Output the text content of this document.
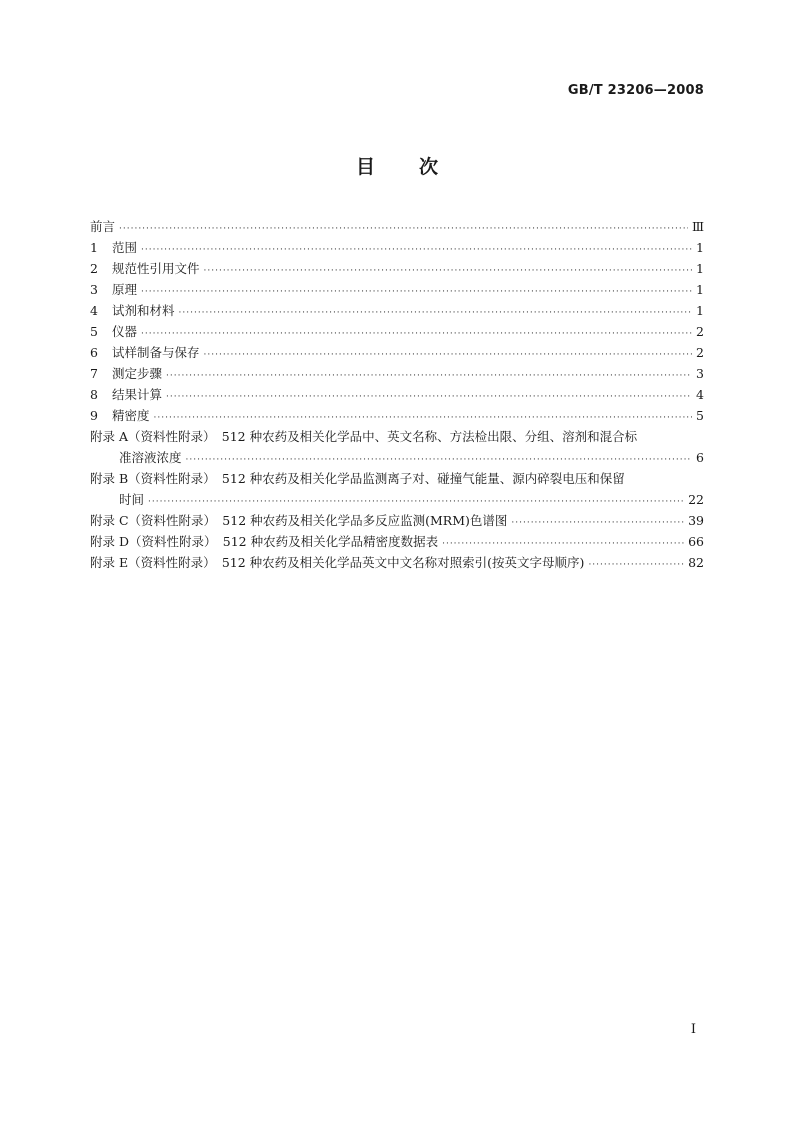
GB/T 23206—2008
目次
前言 ·····	Ⅲ
1 范围 ·····	1
2 规范性引用文件 ·····	1
3 原理 ·····	1
4 试剂和材料 ·····	1
5 仪器 ·····	2
6 试样制备与保存 ·····	2
7 测定步骤 ·····	3
8 结果计算 ·····	4
9 精密度 ·····	5
附录 A（资料性附录）　512 种农药及相关化学品中、英文名称、方法检出限、分组、溶剂和混合标
准溶液浓度 ·····	6
附录 B（资料性附录）　512 种农药及相关化学品监测离子对、碰撞气能量、源内碎裂电压和保留
时间 ·····	22
附录 C（资料性附录）　512 种农药及相关化学品多反应监测(MRM)色谱图 ·····	39
附录 D（资料性附录）　512 种农药及相关化学品精密度数据表 ·····	66
附录 E（资料性附录）　512 种农药及相关化学品英文中文名称对照索引(按英文字母顺序) ·····	82
I
